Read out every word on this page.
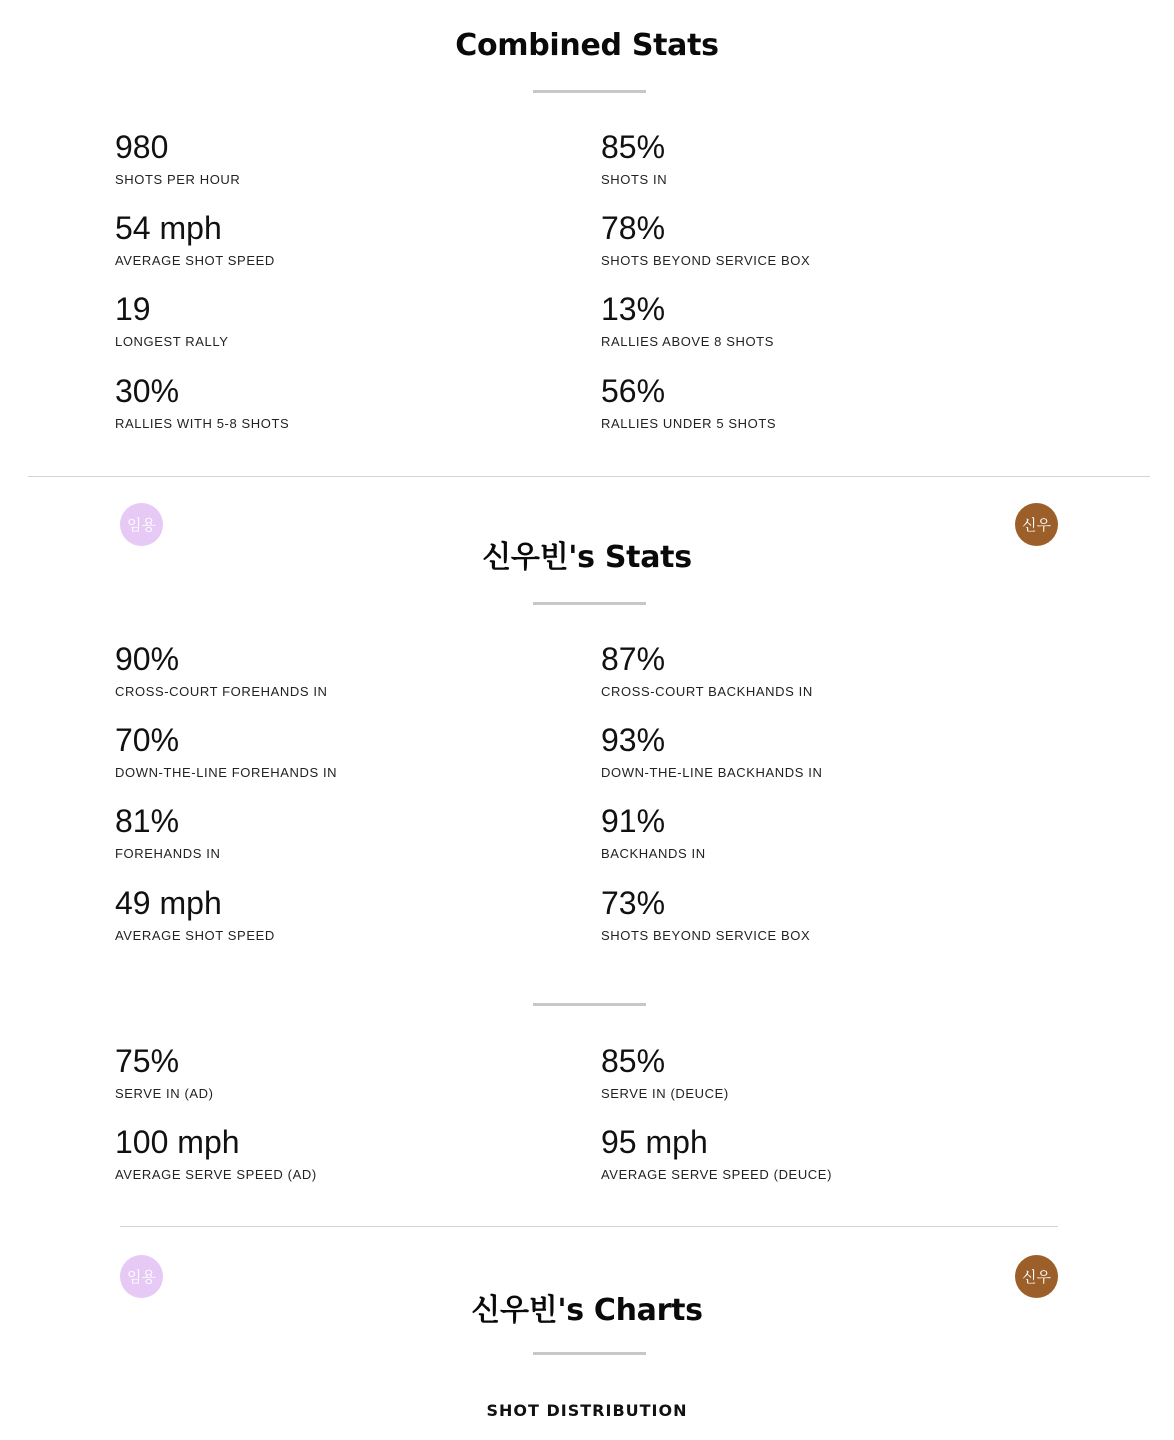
Combined Stats
980
SHOTS PER HOUR
85%
SHOTS IN
54 mph
AVERAGE SHOT SPEED
78%
SHOTS BEYOND SERVICE BOX
19
LONGEST RALLY
13%
RALLIES ABOVE 8 SHOTS
30%
RALLIES WITH 5-8 SHOTS
56%
RALLIES UNDER 5 SHOTS
임용	신우
신우빈's Stats
90%
CROSS-COURT FOREHANDS IN
87%
CROSS-COURT BACKHANDS IN
70%
DOWN-THE-LINE FOREHANDS IN
93%
DOWN-THE-LINE BACKHANDS IN
81%
FOREHANDS IN
91%
BACKHANDS IN
49 mph
AVERAGE SHOT SPEED
73%
SHOTS BEYOND SERVICE BOX
75%
SERVE IN (AD)
85%
SERVE IN (DEUCE)
100 mph
AVERAGE SERVE SPEED (AD)
95 mph
AVERAGE SERVE SPEED (DEUCE)
임용	신우
신우빈's Charts
SHOT DISTRIBUTION
